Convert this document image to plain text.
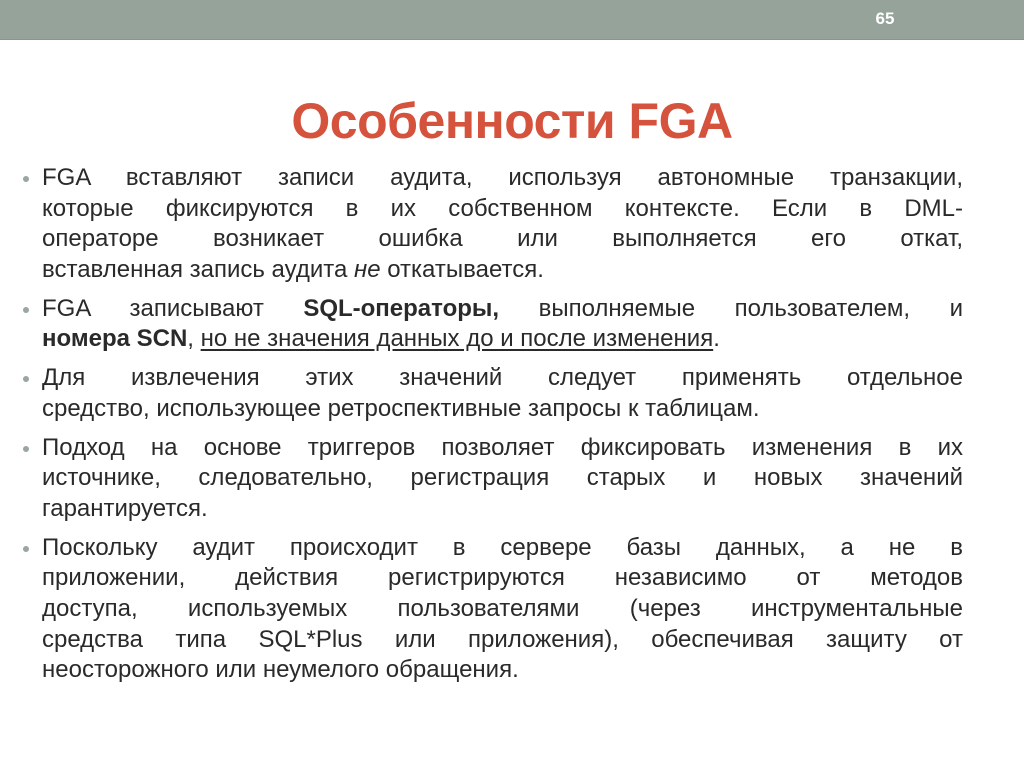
65
Особенности FGA
FGA вставляют записи аудита, используя автономные транзакции,
которые фиксируются в их собственном контексте. Если в DML-
операторе возникает ошибка или выполняется его откат,
вставленная запись аудита не откатывается.
FGA записывают SQL-операторы, выполняемые пользователем, и
номера SCN, но не значения данных до и после изменения.
Для извлечения этих значений следует применять отдельное
средство, использующее ретроспективные запросы к таблицам.
Подход на основе триггеров позволяет фиксировать изменения в их
источнике, следовательно, регистрация старых и новых значений
гарантируется.
Поскольку аудит происходит в сервере базы данных, а не в
приложении, действия регистрируются независимо от методов
доступа, используемых пользователями (через инструментальные
средства типа SQL*Plus или приложения), обеспечивая защиту от
неосторожного или неумелого обращения.
